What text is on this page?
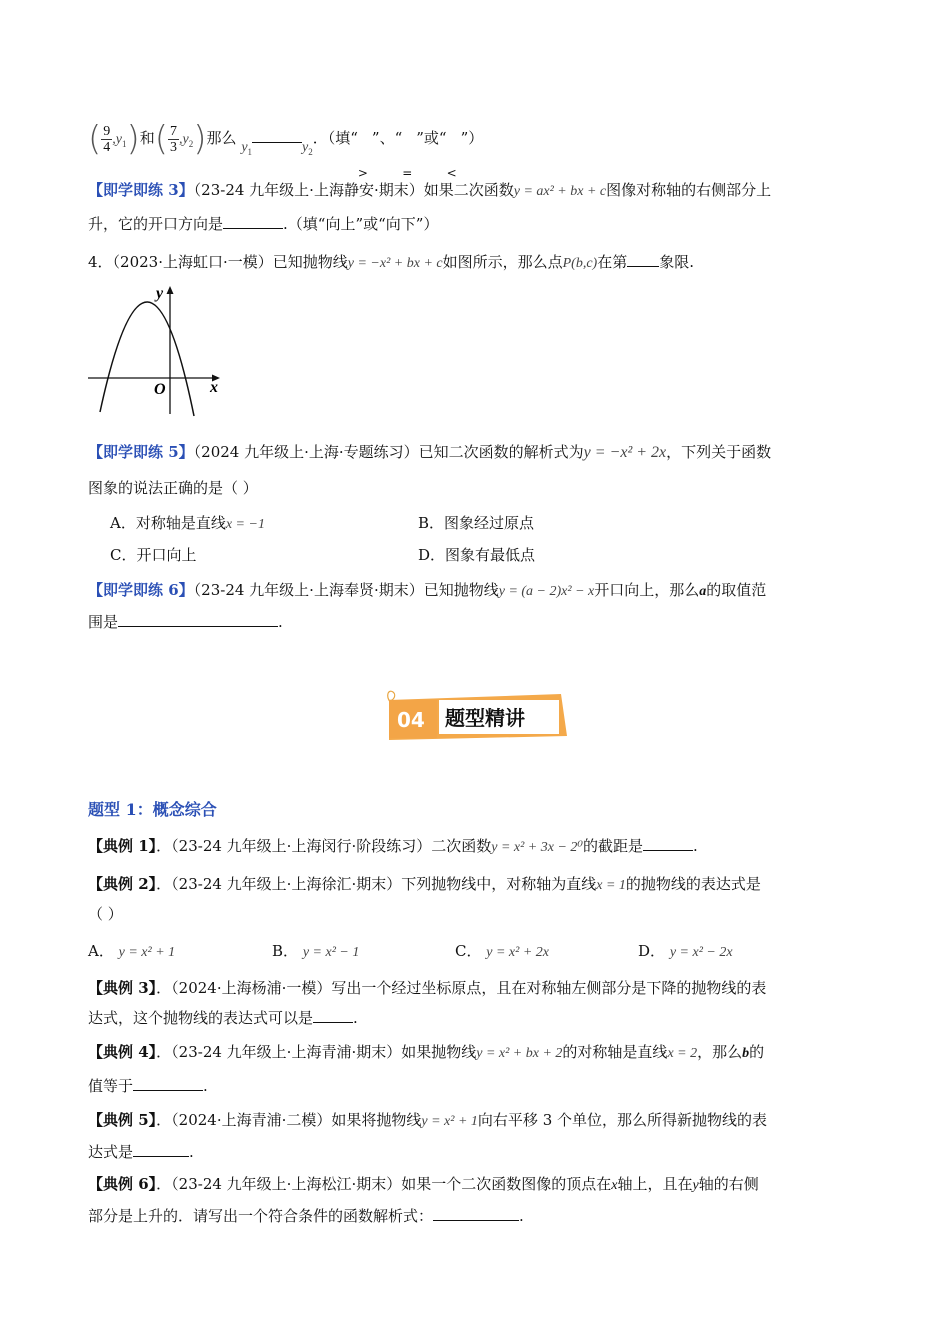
( $\frac{9}{4} ,y_1$)和( $\frac{7}{3} ,y_2$)那么 $y_1$	$y_2$．（填“
>
”、“
=
”或“
<
”）
【即学即练 3】（23-24 九年级上·上海静安·期末）如果二次函数y = ax² + bx + c图像对称轴的右侧部分上
升，它的开口方向是	.（填“向上”或“向下”）
4．（2023·上海虹口·一模）已知抛物线y = −x² + bx + c如图所示，那么点P(b,c)在第 象限.
y
x
O
【即学即练 5】（2024 九年级上·上海·专题练习）已知二次函数的解析式为y = −x² + 2x，下列关于函数
图象的说法正确的是（ ）
A．对称轴是直线x = −1	B．图象经过原点
C．开口向上	D．图象有最低点
【即学即练 6】（23-24 九年级上·上海奉贤·期末）已知抛物线y = (a − 2)x² − x开口向上，那么a的取值范
围是	.
04 题型精讲
题型 1：概念综合
【典例 1】．（23-24 九年级上·上海闵行·阶段练习）二次函数y = x² + 3x − 2⁰的截距是	.
【典例 2】．（23-24 九年级上·上海徐汇·期末）下列抛物线中，对称轴为直线x = 1的抛物线的表达式是
（ ）
A． y = x² + 1	B． y = x² − 1	C． y = x² + 2x	D． y = x² − 2x
【典例 3】．（2024·上海杨浦·一模）写出一个经过坐标原点，且在对称轴左侧部分是下降的抛物线的表
达式，这个抛物线的表达式可以是	.
【典例 4】．（23-24 九年级上·上海青浦·期末）如果抛物线y = x² + bx + 2的对称轴是直线x = 2，那么b的
值等于	.
【典例 5】．（2024·上海青浦·二模）如果将抛物线y = x² + 1向右平移 3 个单位，那么所得新抛物线的表
达式是	.
【典例 6】．（23-24 九年级上·上海松江·期末）如果一个二次函数图像的顶点在x轴上，且在y轴的右侧
部分是上升的．请写出一个符合条件的函数解析式：	.
